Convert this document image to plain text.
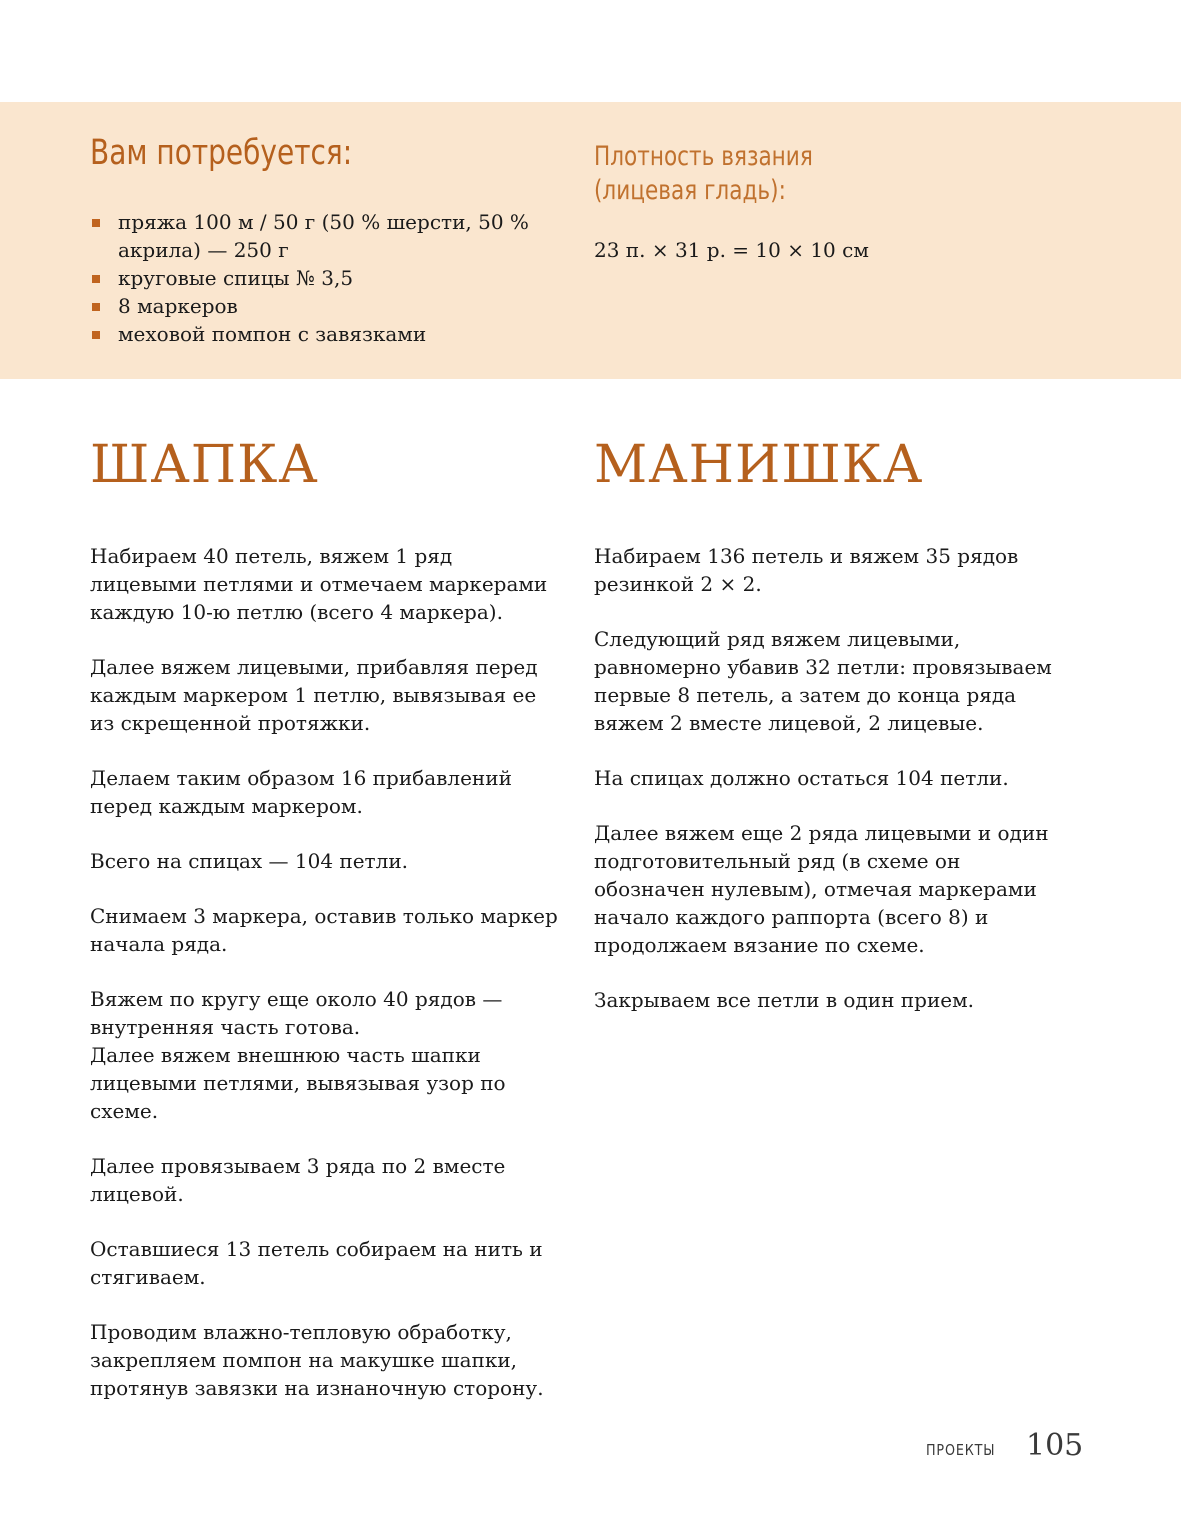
Вам потребуется:
пряжа 100 м / 50 г (50 % шерсти, 50 % акрила) — 250 г
круговые спицы № 3,5
8 маркеров
меховой помпон с завязками
Плотность вязания
(лицевая гладь):

23 п. × 31 р. = 10 × 10 см

ШАПКА	МАНИШКА

Набираем 40 петель, вяжем 1 ряд лицевыми петлями и отмечаем маркерами каждую 10-ю петлю (всего 4 маркера).

Далее вяжем лицевыми, прибавляя перед каждым маркером 1 петлю, вывязывая ее из скрещенной протяжки.

Делаем таким образом 16 прибавлений перед каждым маркером.

Всего на спицах — 104 петли.

Снимаем 3 маркера, оставив только маркер начала ряда.

Вяжем по кругу еще около 40 рядов — внутренняя часть готова.
Далее вяжем внешнюю часть шапки лицевыми петлями, вывязывая узор по схеме.

Далее провязываем 3 ряда по 2 вместе лицевой.

Оставшиеся 13 петель собираем на нить и стягиваем.

Проводим влажно-тепловую обработку, закрепляем помпон на макушке шапки, протянув завязки на изнаночную сторону.

Набираем 136 петель и вяжем 35 рядов резинкой 2 × 2.

Следующий ряд вяжем лицевыми, равномерно убавив 32 петли: провязываем первые 8 петель, а затем до конца ряда вяжем 2 вместе лицевой, 2 лицевые.

На спицах должно остаться 104 петли.

Далее вяжем еще 2 ряда лицевыми и один подготовительный ряд (в схеме он обозначен нулевым), отмечая маркерами начало каждого раппорта (всего 8) и продолжаем вязание по схеме.

Закрываем все петли в один прием.

ПРОЕКТЫ 105
